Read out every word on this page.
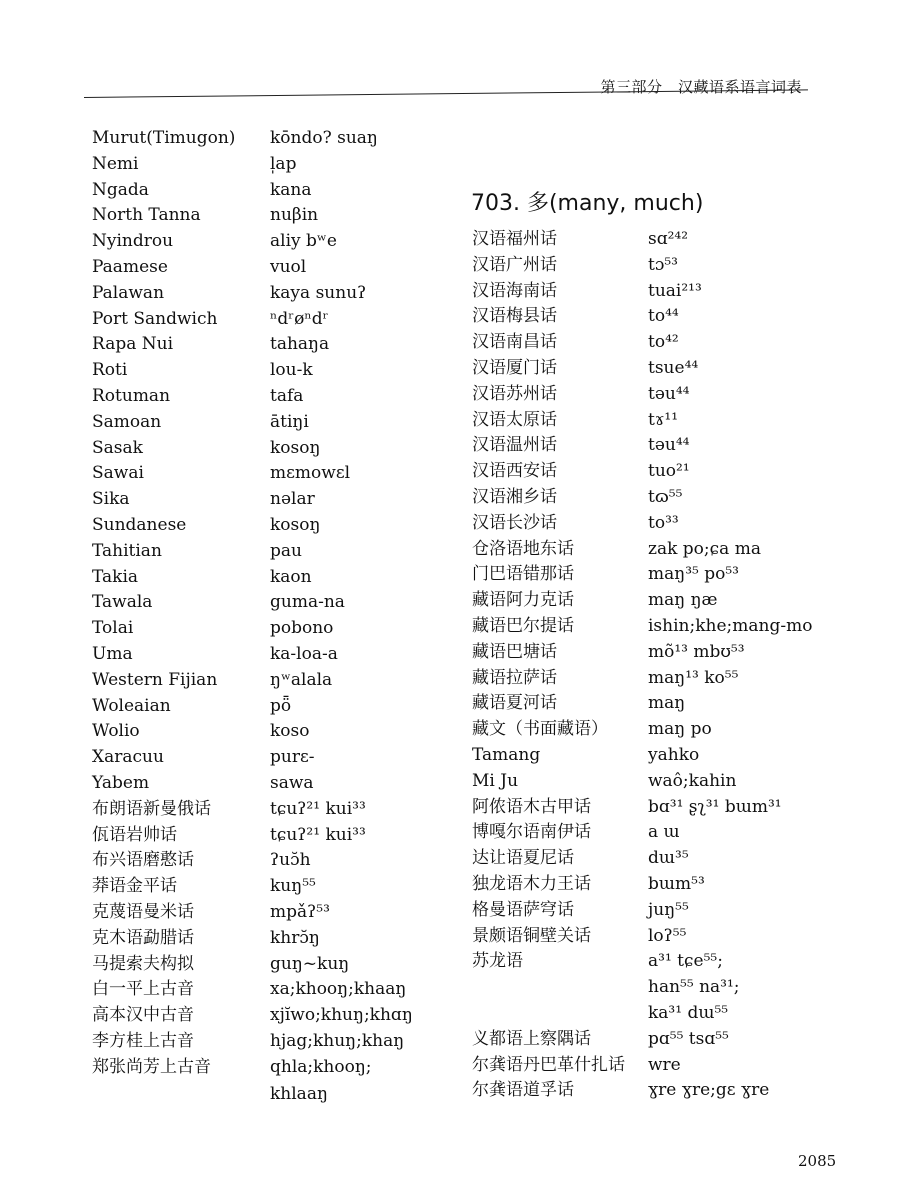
第三部分　汉藏语系语言词表
Murut(Timugon) kōndo? suaŋ
Nemi	l̩ap
Ngada	kana
North Tanna	nuβin
Nyindrou	aliy bʷe
Paamese	vuol
Palawan	kaya sunuʔ
Port Sandwich	ⁿdʳøⁿdʳ
Rapa Nui	tahaŋa
Roti	lou-k
Rotuman	tafa
Samoan	ātiŋi
Sasak	kosoŋ
Sawai	mɛmowɛl
Sika	nəlar
Sundanese	kosoŋ
Tahitian	pau
Takia	kaon
Tawala	guma-na
Tolai	pobono
Uma	ka-loa-a
Western Fijian	ŋʷalala
Woleaian	pȫ
Wolio	koso
Xaracuu	purɛ-
Yabem	sawa
布朗语新曼俄话	tɕuʔ²¹ kui³³
佤语岩帅话	tɕuʔ²¹ kui³³
布兴语磨憨话	ʔuɔ̆h
莽语金平话	kuŋ⁵⁵
克蔑语曼米话	mpǎʔ⁵³
克木语勐腊话	khrɔ̆ŋ
马提索夫构拟	guŋ~kuŋ
白一平上古音	xa;khooŋ;khaaŋ
高本汉中古音	xjĭwo;khuŋ;khɑŋ
李方桂上古音	hjag;khuŋ;khaŋ
郑张尚芳上古音	qhla;khooŋ;
khlaaŋ
703. 多(many, much)
汉语福州话	sɑ²⁴²
汉语广州话	tɔ⁵³
汉语海南话	tuai²¹³
汉语梅县话	to⁴⁴
汉语南昌话	to⁴²
汉语厦门话	tsue⁴⁴
汉语苏州话	təu⁴⁴
汉语太原话	tɤ¹¹
汉语温州话	təu⁴⁴
汉语西安话	tuo²¹
汉语湘乡话	tɷ⁵⁵
汉语长沙话	to³³
仓洛语地东话	zak po;ɕa ma
门巴语错那话	maŋ³⁵ po⁵³
藏语阿力克话	maŋ ŋæ
藏语巴尔提话	ishin;khe;mang-mo
藏语巴塘话	mõ¹³ mbʊ⁵³
藏语拉萨话	maŋ¹³ ko⁵⁵
藏语夏河话	maŋ
藏文（书面藏语） maŋ po
Tamang	yahko
Mi Ju	waô;kahin
阿侬语木古甲话	bɑ³¹ ʂʅ³¹ bɯm³¹
博嘎尔语南伊话	a ɯ
达让语夏尼话	dɯ³⁵
独龙语木力王话	bɯm⁵³
格曼语萨穹话	juŋ⁵⁵
景颇语铜壁关话	loʔ⁵⁵
苏龙语	a³¹ tɕe⁵⁵;
han⁵⁵ na³¹;
ka³¹ dɯ⁵⁵
义都语上察隅话	pɑ⁵⁵ tsɑ⁵⁵
尔龚语丹巴革什扎话 wre
尔龚语道孚话	ɣre ɣre;gɛ ɣre
2085
